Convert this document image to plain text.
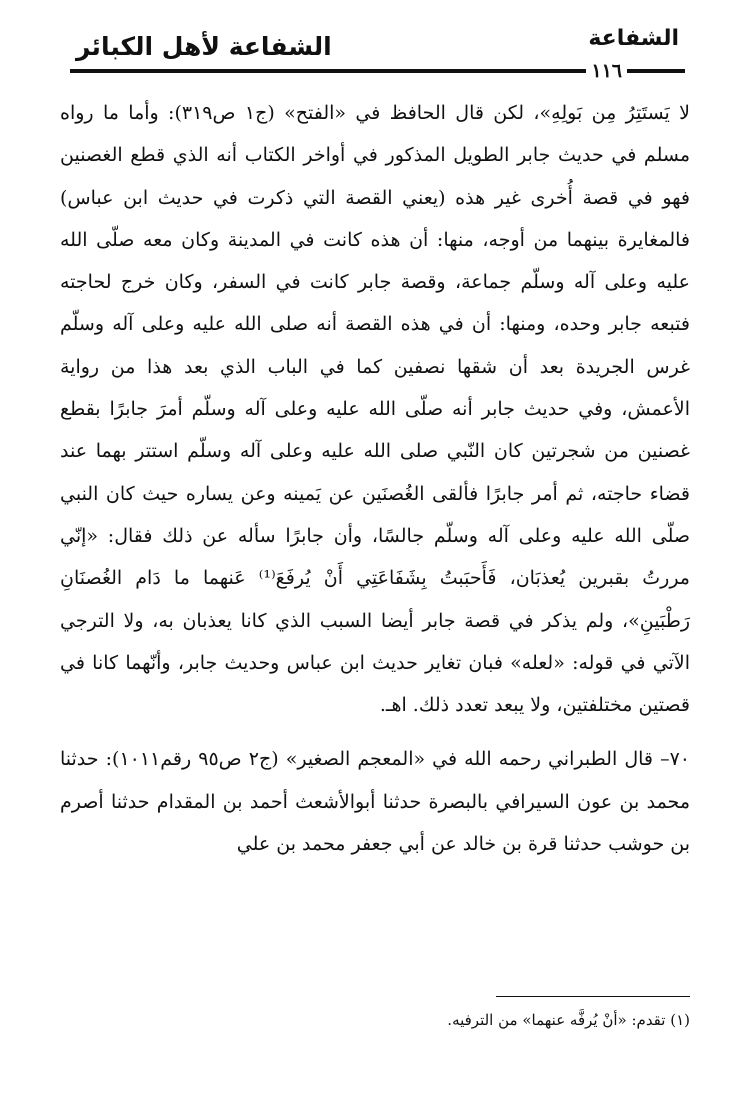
الشفاعة لأهل الكبائر	الشفاعة
١١٦

لا يَستَتِرُ مِن بَولِهِ»، لكن قال الحافظ في «الفتح» (ج١ ص٣١٩): وأما ما رواه مسلم في حديث جابر الطويل المذكور في أواخر الكتاب أنه الذي قطع الغصنين فهو في قصة أُخرى غير هذه (يعني القصة التي ذكرت في حديث ابن عباس) فالمغايرة بينهما من أوجه، منها: أن هذه كانت في المدينة وكان معه صلّى الله عليه وعلى آله وسلّم جماعة، وقصة جابر كانت في السفر، وكان خرج لحاجته فتبعه جابر وحده، ومنها: أن في هذه القصة أنه صلى الله عليه وعلى آله وسلّم غرس الجريدة بعد أن شقها نصفين كما في الباب الذي بعد هذا من رواية الأعمش، وفي حديث جابر أنه صلّى الله عليه وعلى آله وسلّم أمرَ جابرًا بقطع غصنين من شجرتين كان النّبي صلى الله عليه وعلى آله وسلّم استتر بهما عند قضاء حاجته، ثم أمر جابرًا فألقى الغُصنَين عن يَمينه وعن يساره حيث كان النبي صلّى الله عليه وعلى آله وسلّم جالسًا، وأن جابرًا سأله عن ذلك فقال: «إنّي مررتُ بقبرين يُعذبَان، فَأَحبَبتُ بِشَفَاعَتِي أَنْ يُرفَعَ⁽¹⁾ عَنهما ما دَام الغُصنَانِ رَطْبَينِ»، ولم يذكر في قصة جابر أيضا السبب الذي كانا يعذبان به، ولا الترجي الآتي في قوله: «لعله» فبان تغاير حديث ابن عباس وحديث جابر، وأنّهما كانا في قصتين مختلفتين، ولا يبعد تعدد ذلك. اهـ.

٧٠– قال الطبراني رحمه الله في «المعجم الصغير» (ج٢ ص٩٥ رقم١٠١١): حدثنا محمد بن عون السيرافي بالبصرة حدثنا أبوالأشعث أحمد بن المقدام حدثنا أصرم بن حوشب حدثنا قرة بن خالد عن أبي جعفر محمد بن علي

(١) تقدم: «أنْ يُرفَّه عنهما» من الترفيه.
